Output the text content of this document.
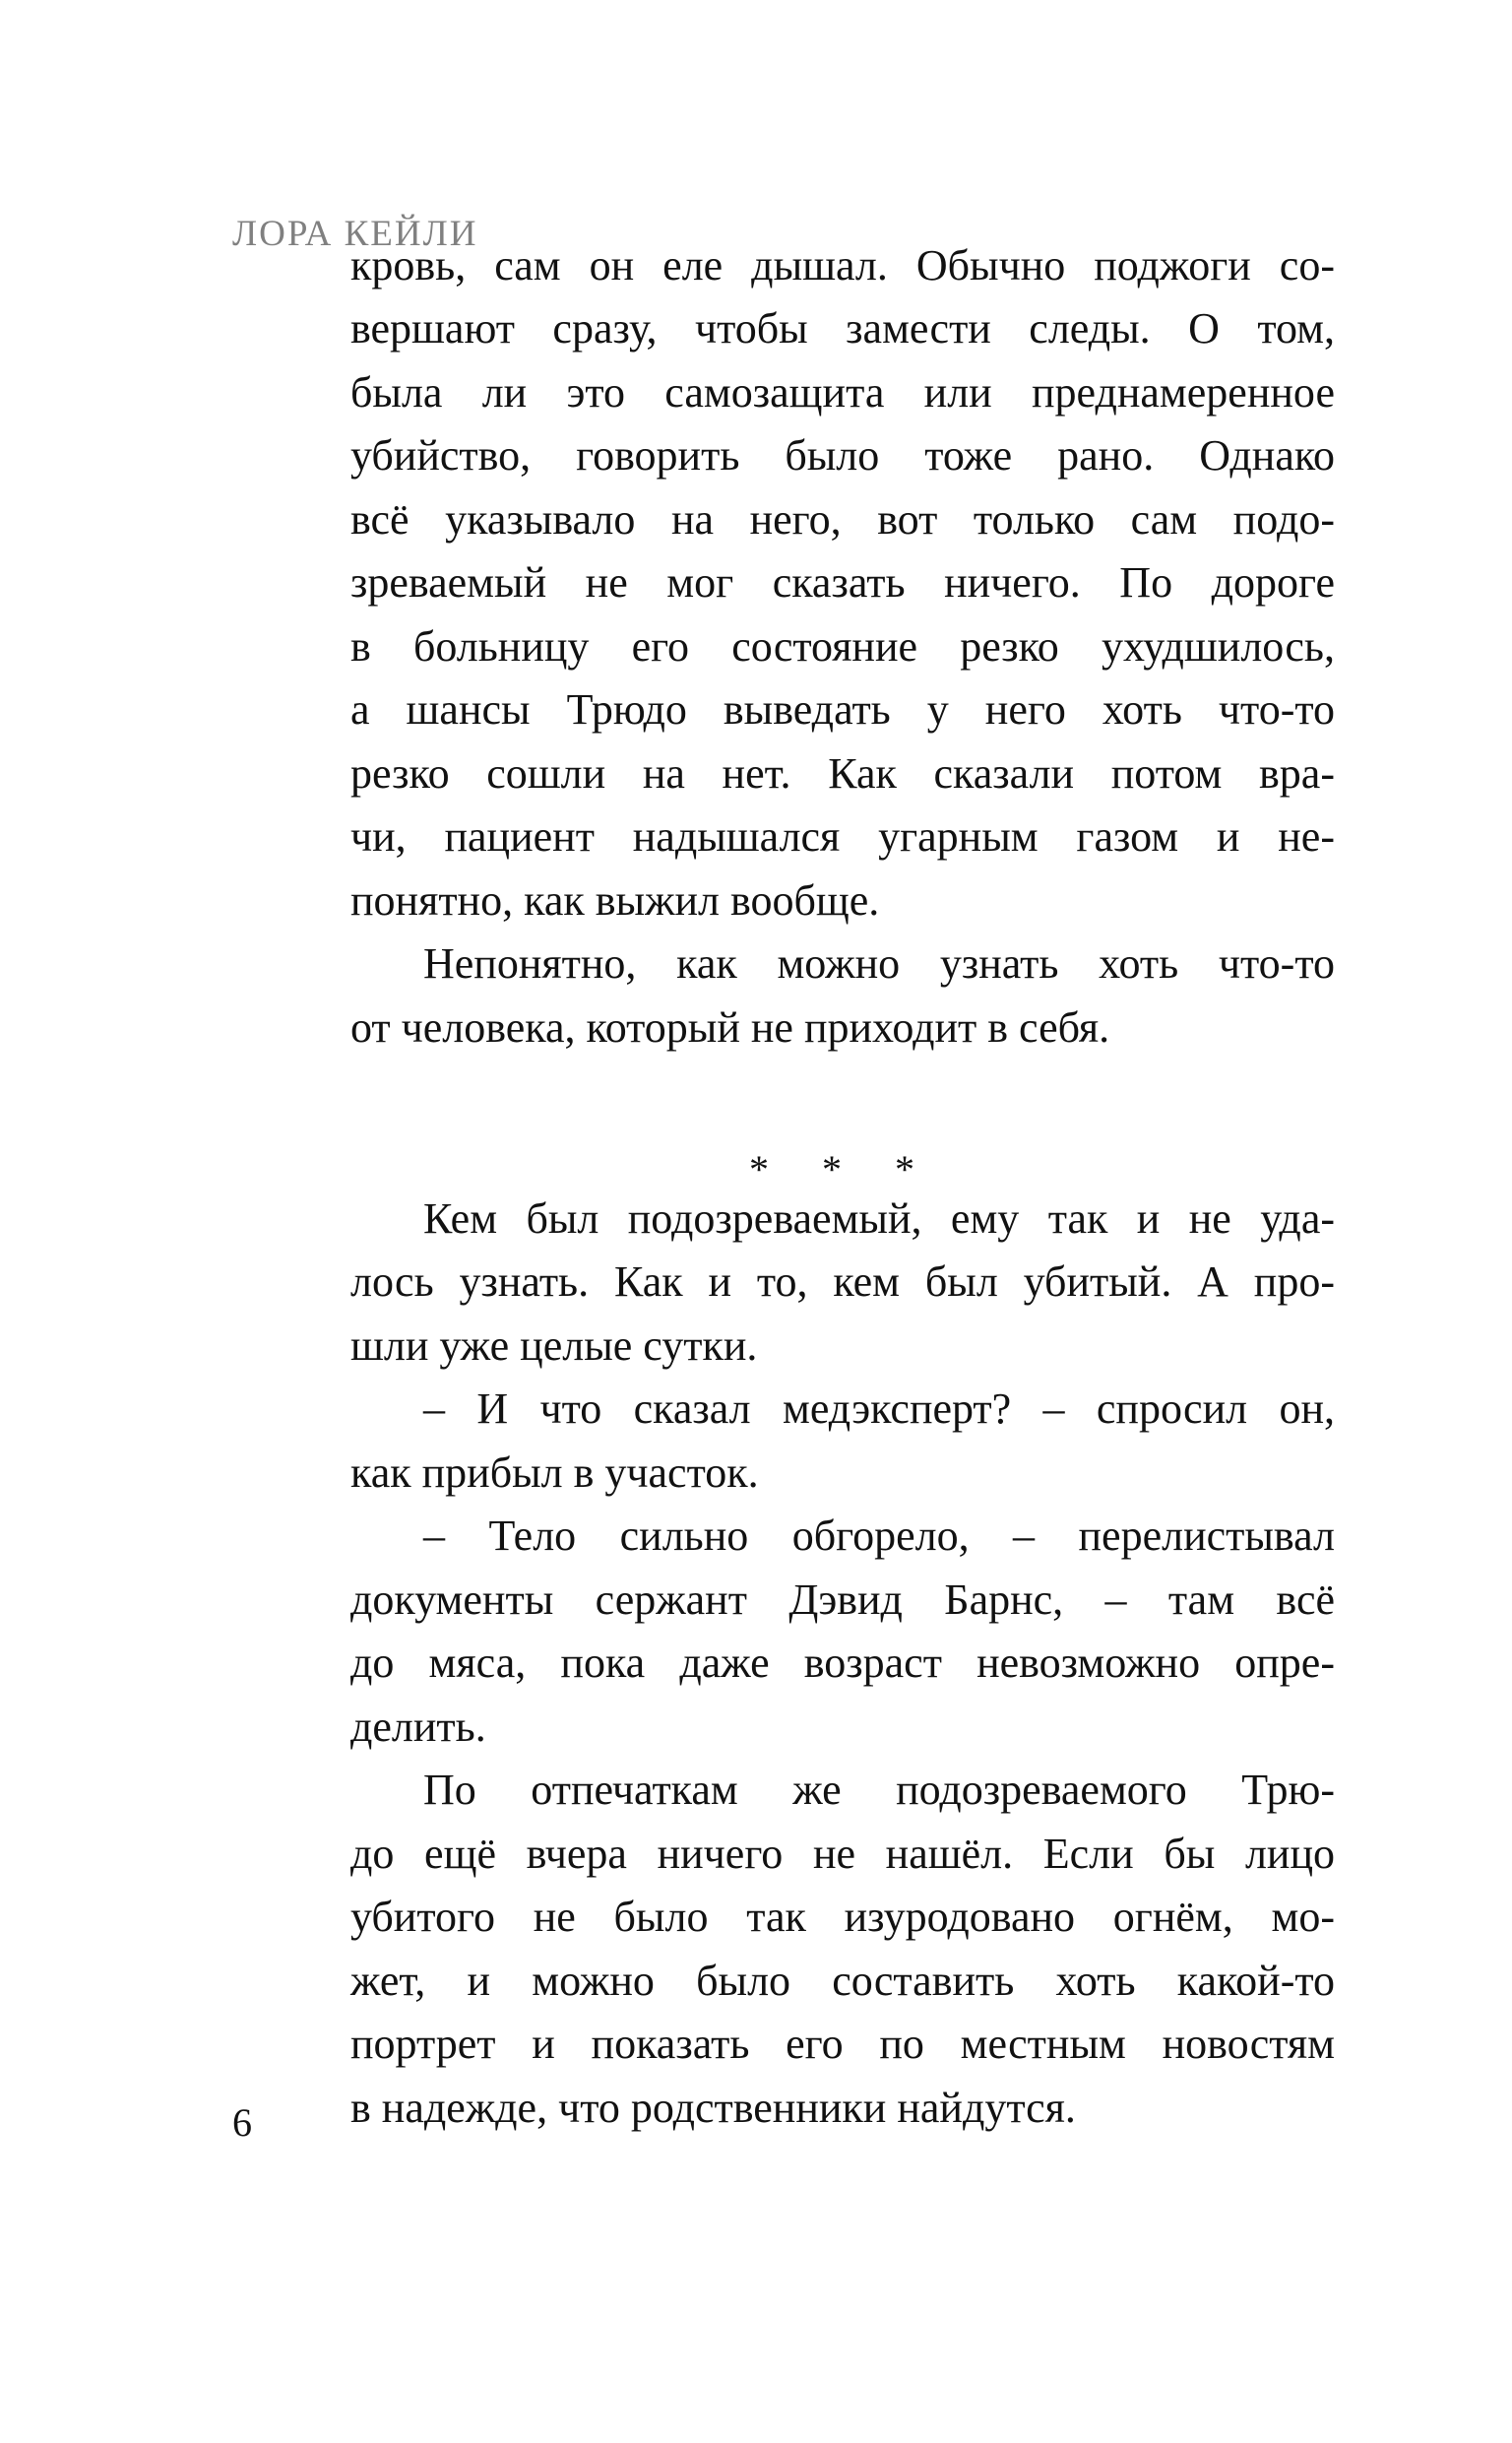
ЛОРА КЕЙЛИ
кровь, сам он еле дышал. Обычно поджоги со-
вершают сразу, чтобы замести следы. О том,
была ли это самозащита или преднамеренное
убийство, говорить было тоже рано. Однако
всё указывало на него, вот только сам подо-
зреваемый не мог сказать ничего. По дороге
в больницу его состояние резко ухудшилось,
а шансы Трюдо выведать у него хоть что-то
резко сошли на нет. Как сказали потом вра-
чи, пациент надышался угарным газом и не-
понятно, как выжил вообще.
Непонятно, как можно узнать хоть что-то
от человека, который не приходит в себя.
Кем был подозреваемый, ему так и не уда-
лось узнать. Как и то, кем был убитый. А про-
шли уже целые сутки.
– И что сказал медэксперт? – спросил он,
как прибыл в участок.
– Тело сильно обгорело, – перелистывал
документы сержант Дэвид Барнс, – там всё
до мяса, пока даже возраст невозможно опре-
делить.
По отпечаткам же подозреваемого Трю-
до ещё вчера ничего не нашёл. Если бы лицо
убитого не было так изуродовано огнём, мо-
жет, и можно было составить хоть какой-то
портрет и показать его по местным новостям
в надежде, что родственники найдутся.
* * *
6
